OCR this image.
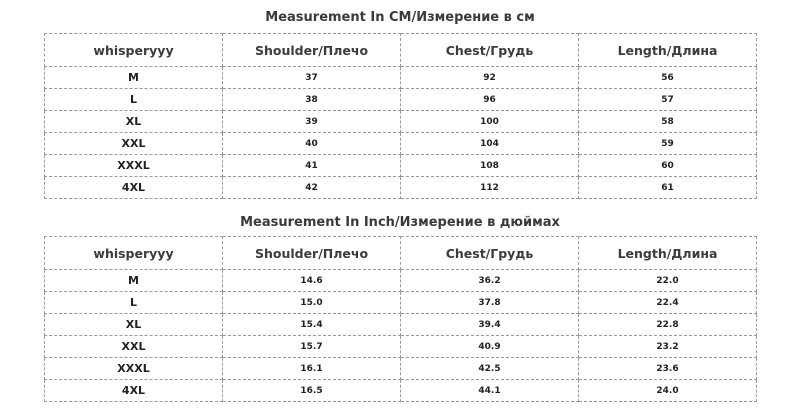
Measurement In CM/Измерение в см
whisperyyy	Shoulder/Плечо	Chest/Грудь	Length/Длина
M	37	92	56
L	38	96	57
XL	39	100	58
XXL	40	104	59
XXXL	41	108	60
4XL	42	112	61
Measurement In Inch/Измерение в дюймах
whisperyyy	Shoulder/Плечо	Chest/Грудь	Length/Длина
M	14.6	36.2	22.0
L	15.0	37.8	22.4
XL	15.4	39.4	22.8
XXL	15.7	40.9	23.2
XXXL	16.1	42.5	23.6
4XL	16.5	44.1	24.0
